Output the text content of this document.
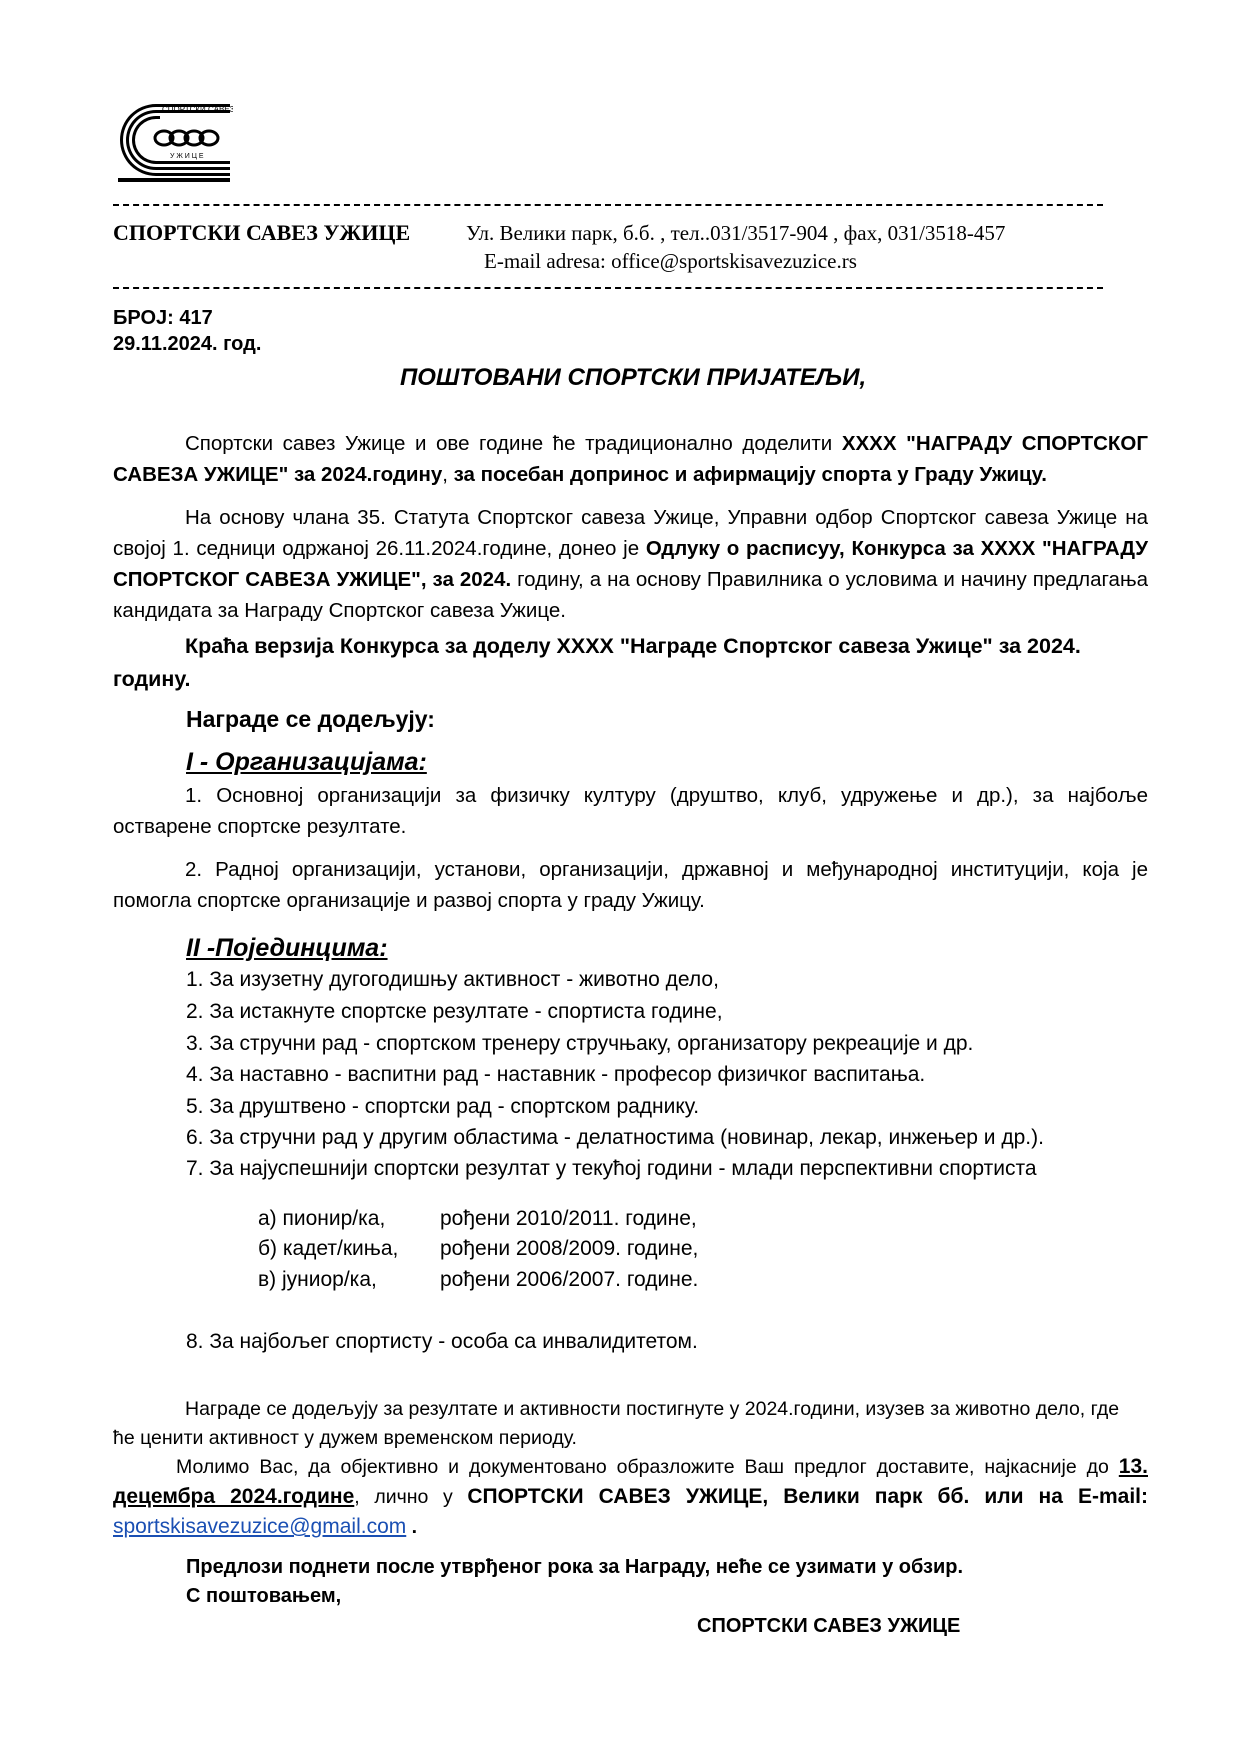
СПОРТСКИ САВЕЗ
У Ж И Ц Е
СПОРТСКИ САВЕЗ УЖИЦЕ	Ул. Велики парк, б.б. , тел..031/3517-904 , фах, 031/3518-457
E-mail adresa: office@sportskisavezuzice.rs
БРОЈ: 417
29.11.2024. год.
ПОШТОВАНИ СПОРТСКИ ПРИЈАТЕЉИ,
Спортски савез Ужице и ове године ће традиционално доделити XXXX "НАГРАДУ СПОРТСКОГ САВЕЗА УЖИЦЕ" за 2024.годину, за посебан допринос и афирмацију спорта у Граду Ужицу.
На основу члана 35. Статута Спортског савеза Ужице, Управни одбор Спортског савеза Ужице на својој 1. седници одржаној 26.11.2024.године, донео је Одлуку о расписуу, Конкурса за XXXX "НАГРАДУ СПОРТСКОГ САВЕЗА УЖИЦЕ", за 2024. годину, а на основу Правилника о условима и начину предлагања кандидата за Награду Спортског савеза Ужице.
Краћа верзија Конкурса за доделу XXXX "Награде Спортског савеза Ужице" за 2024. годину.
Награде се додељују:
I - Организацијама:
1. Основној организацији за физичку културу (друштво, клуб, удружење и др.), за најбоље остварене спортске резултате.
2. Радној организацији, установи, организацији, државној и међународној институцији, која је помогла спортске организације и развој спорта у граду Ужицу.
II -Појединцима:
1. За изузетну дугогодишњу активност - животно дело,
2. За истакнуте спортске резултате - спортиста године,
3. За стручни рад - спортском тренеру стручњаку, организатору рекреације и др.
4. За наставно - васпитни рад - наставник - професор физичког васпитања.
5. За друштвено - спортски рад - спортском раднику.
6. За стручни рад у другим областима - делатностима (новинар, лекар, инжењер и др.).
7. За најуспешнији спортски резултат у текућој години - млади перспективни спортиста
а) пионир/ка,	рођени 2010/2011. године,
б) кадет/киња, рођени 2008/2009. године,
в) јуниор/ка,	рођени 2006/2007. године.
8. За најбољег спортисту - особа са инвалидитетом.
Награде се додељују за резултате и активности постигнуте у 2024.години, изузев за животно дело, где ће ценити активност у дужем временском периоду.
Молимо Вас, да објективно и документовано образложите Ваш предлог доставите, најкасније до 13. децембра 2024.године, лично у СПОРТСКИ САВЕЗ УЖИЦЕ, Велики парк бб. или на E-mail: sportskisavezuzice@gmail.com .
Предлози поднети после утврђеног рока за Награду, неће се узимати у обзир.
С поштовањем,
СПОРТСКИ САВЕЗ УЖИЦЕ
